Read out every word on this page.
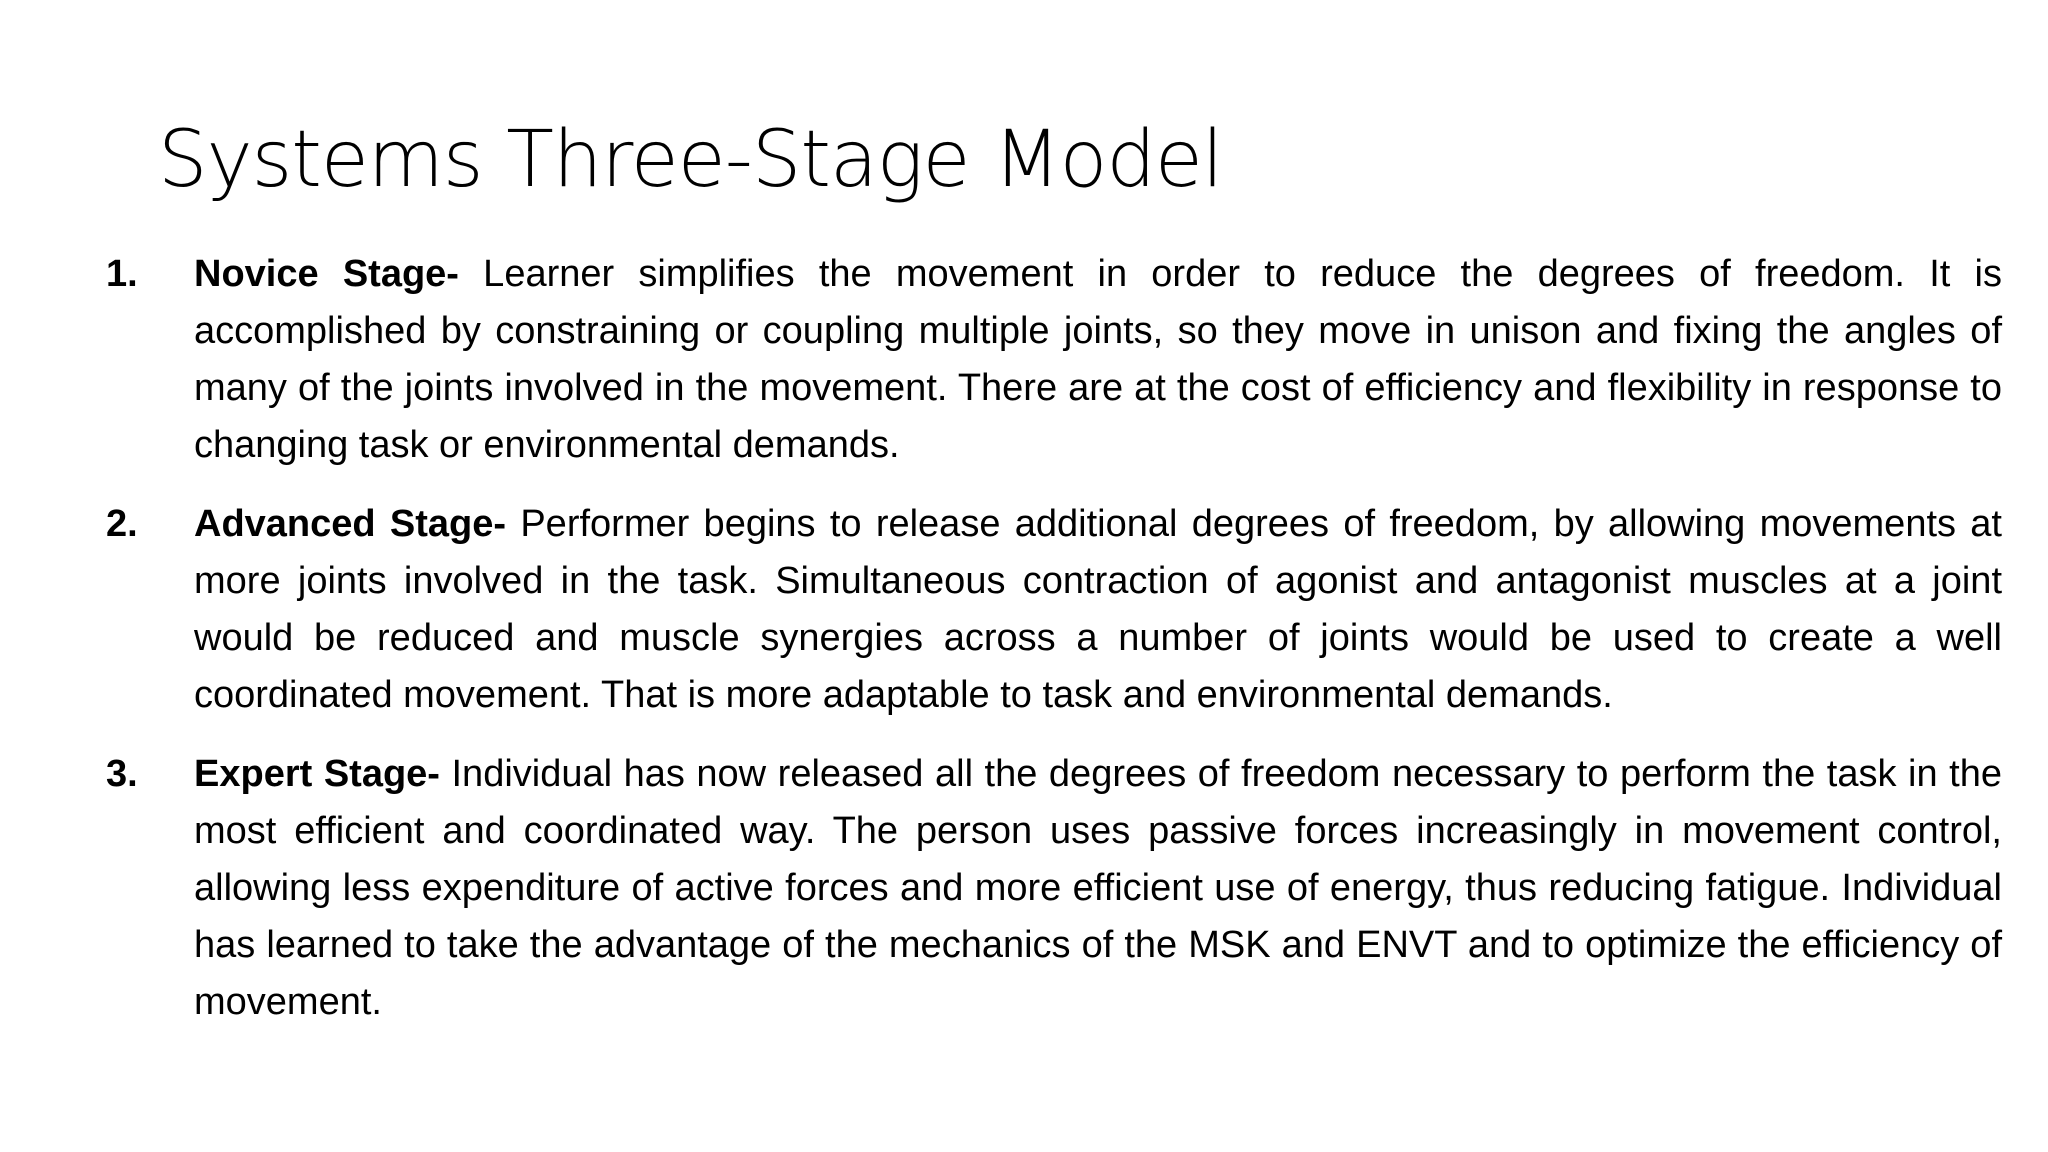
Systems Three-Stage Model
1. Novice Stage- Learner simplifies the movement in order to reduce the degrees of freedom. It is accomplished by constraining or coupling multiple joints, so they move in unison and fixing the angles of many of the joints involved in the movement. There are at the cost of efficiency and flexibility in response to changing task or environmental demands.
2. Advanced Stage- Performer begins to release additional degrees of freedom, by allowing movements at more joints involved in the task. Simultaneous contraction of agonist and antagonist muscles at a joint would be reduced and muscle synergies across a number of joints would be used to create a well coordinated movement. That is more adaptable to task and environmental demands.
3. Expert Stage- Individual has now released all the degrees of freedom necessary to perform the task in the most efficient and coordinated way. The person uses passive forces increasingly in movement control, allowing less expenditure of active forces and more efficient use of energy, thus reducing fatigue. Individual has learned to take the advantage of the mechanics of the MSK and ENVT and to optimize the efficiency of movement.
